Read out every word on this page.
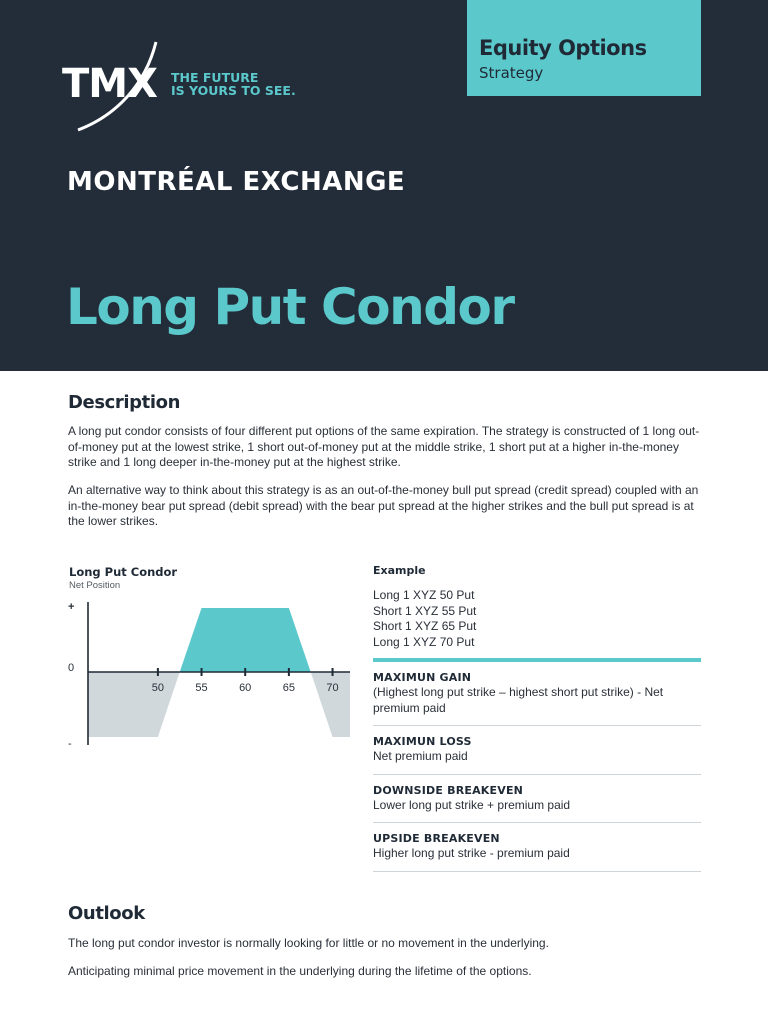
TMX THE FUTURE
IS YOURS TO SEE.
Equity Options
Strategy
MONTRÉAL EXCHANGE
Long Put Condor
Description

A long put condor consists of four different put options of the same expiration. The strategy is constructed of 1 long out-of-money put at the lowest strike, 1 short out-of-money put at the middle strike, 1 short put at a higher in-the-money strike and 1 long deeper in-the-money put at the highest strike.

An alternative way to think about this strategy is as an out-of-the-money bull put spread (credit spread) coupled with an in-the-money bear put spread (debit spread) with the bear put spread at the higher strikes and the bull put spread is at the lower strikes.

Long Put Condor
Net Position
+
0
-
50	55	60	65	70
Example
Long 1 XYZ 50 Put
Short 1 XYZ 55 Put
Short 1 XYZ 65 Put
Long 1 XYZ 70 Put
MAXIMUN GAIN
(Highest long put strike – highest short put strike) - Net premium paid
MAXIMUN LOSS
Net premium paid
DOWNSIDE BREAKEVEN
Lower long put strike + premium paid
UPSIDE BREAKEVEN
Higher long put strike - premium paid
Outlook

The long put condor investor is normally looking for little or no movement in the underlying.

Anticipating minimal price movement in the underlying during the lifetime of the options.
